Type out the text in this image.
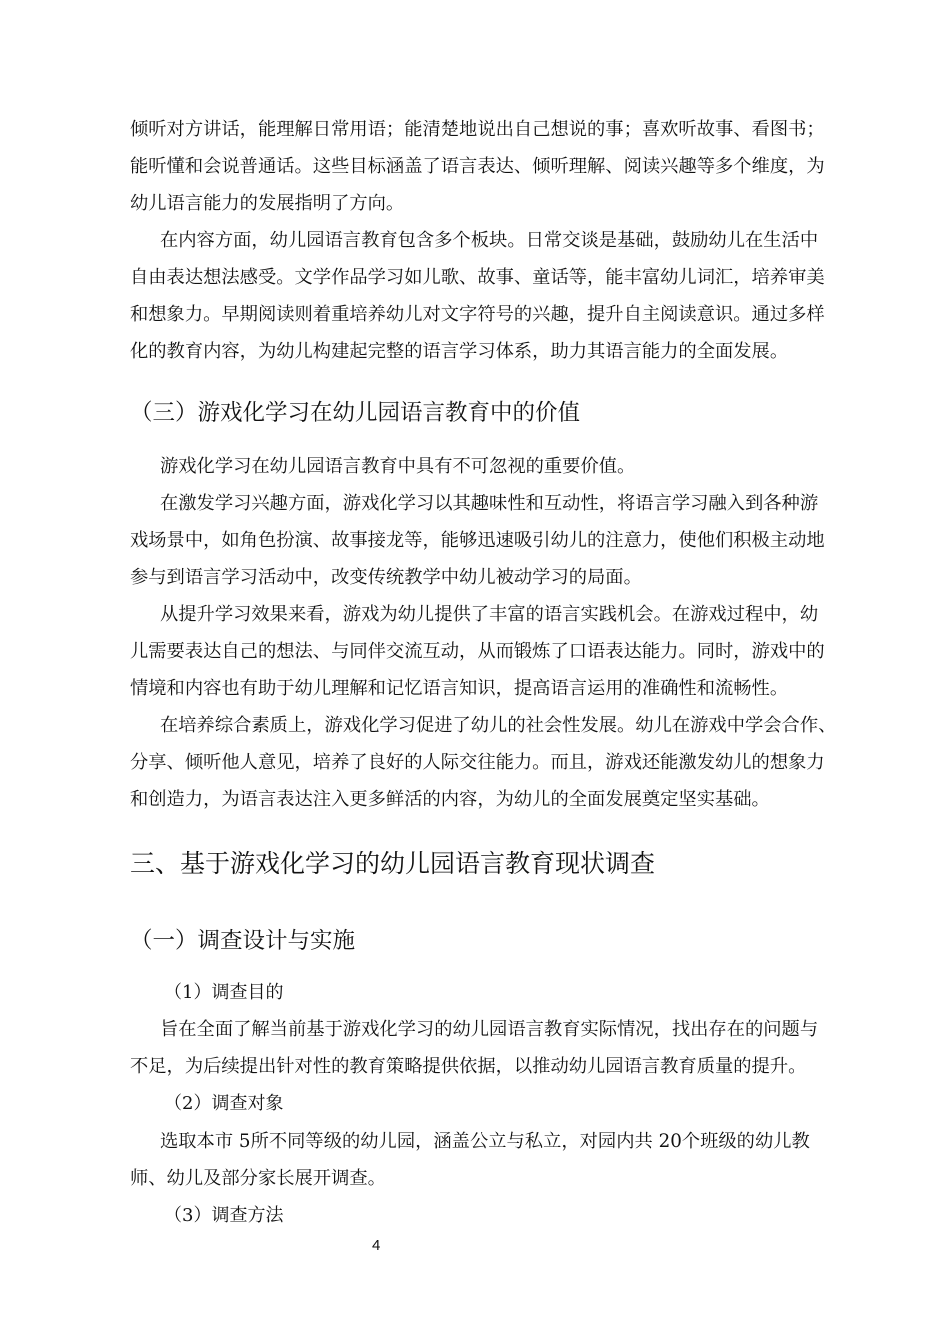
倾听对方讲话，能理解日常用语；能清楚地说出自己想说的事；喜欢听故事、看图书；
能听懂和会说普通话。这些目标涵盖了语言表达、倾听理解、阅读兴趣等多个维度，为
幼儿语言能力的发展指明了方向。
在内容方面，幼儿园语言教育包含多个板块。日常交谈是基础，鼓励幼儿在生活中
自由表达想法感受。文学作品学习如儿歌、故事、童话等，能丰富幼儿词汇，培养审美
和想象力。早期阅读则着重培养幼儿对文字符号的兴趣，提升自主阅读意识。通过多样
化的教育内容，为幼儿构建起完整的语言学习体系，助力其语言能力的全面发展。
（三）游戏化学习在幼儿园语言教育中的价值
游戏化学习在幼儿园语言教育中具有不可忽视的重要价值。
在激发学习兴趣方面，游戏化学习以其趣味性和互动性，将语言学习融入到各种游
戏场景中，如角色扮演、故事接龙等，能够迅速吸引幼儿的注意力，使他们积极主动地
参与到语言学习活动中，改变传统教学中幼儿被动学习的局面。
从提升学习效果来看，游戏为幼儿提供了丰富的语言实践机会。在游戏过程中，幼
儿需要表达自己的想法、与同伴交流互动，从而锻炼了口语表达能力。同时，游戏中的
情境和内容也有助于幼儿理解和记忆语言知识，提高语言运用的准确性和流畅性。
在培养综合素质上，游戏化学习促进了幼儿的社会性发展。幼儿在游戏中学会合作、
分享、倾听他人意见，培养了良好的人际交往能力。而且，游戏还能激发幼儿的想象力
和创造力，为语言表达注入更多鲜活的内容，为幼儿的全面发展奠定坚实基础。
三、基于游戏化学习的幼儿园语言教育现状调查
（一）调查设计与实施
（1）调查目的
旨在全面了解当前基于游戏化学习的幼儿园语言教育实际情况，找出存在的问题与
不足，为后续提出针对性的教育策略提供依据，以推动幼儿园语言教育质量的提升。
（2）调查对象
选取本市 5所不同等级的幼儿园，涵盖公立与私立，对园内共 20个班级的幼儿教
师、幼儿及部分家长展开调查。
（3）调查方法
4
